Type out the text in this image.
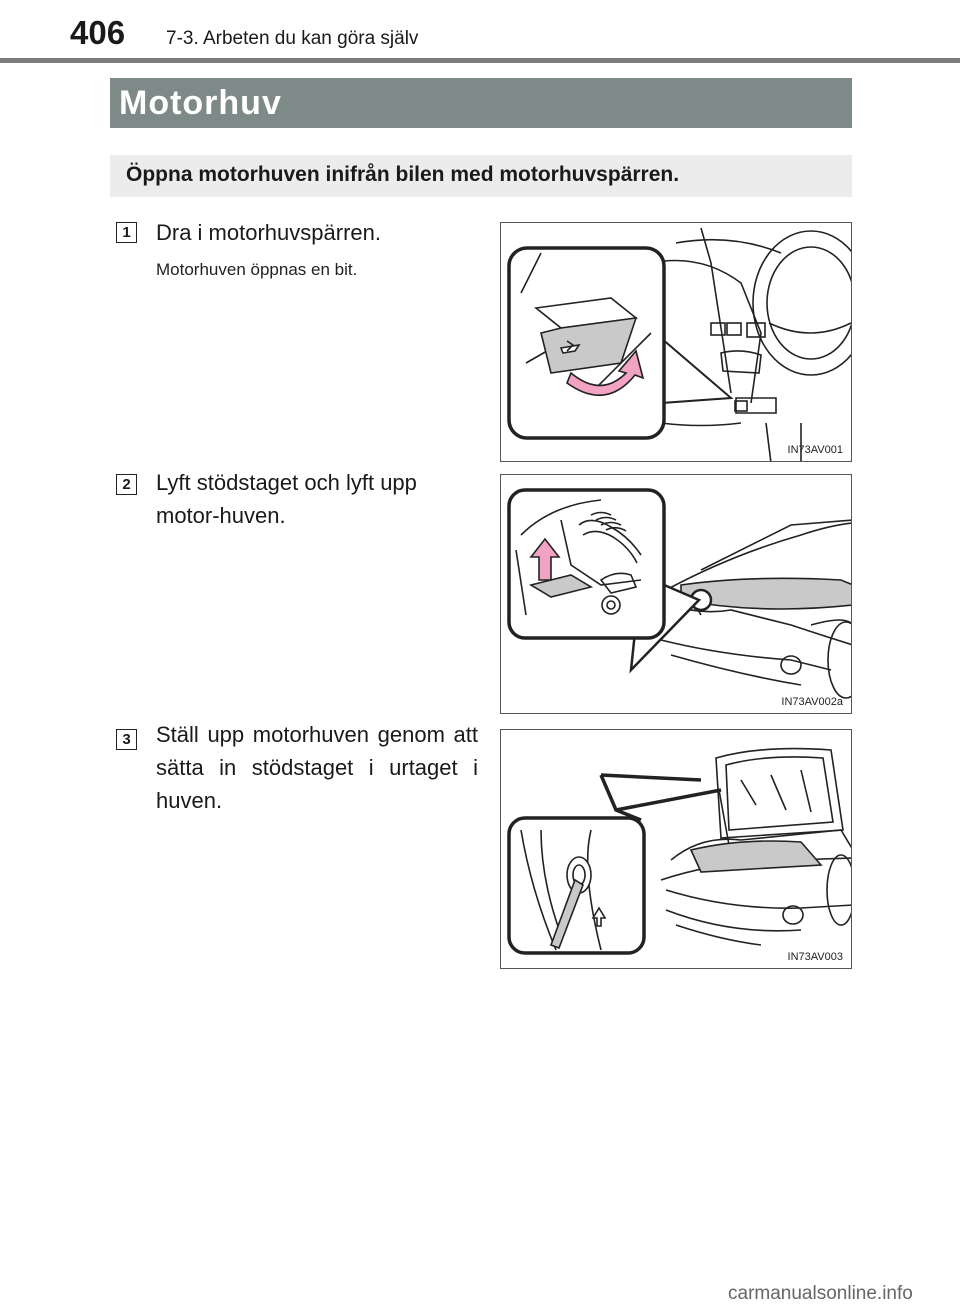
406 7-3. Arbeten du kan göra själv
Motorhuv
Öppna motorhuven inifrån bilen med motorhuvspärren.
1 Dra i motorhuvspärren.
Motorhuven öppnas en bit.
IN73AV001
2 Lyft stödstaget och lyft upp motor-huven.
IN73AV002a
3 Ställ upp motorhuven genom att sätta in stödstaget i urtaget i huven.
IN73AV003
carmanualsonline.info
